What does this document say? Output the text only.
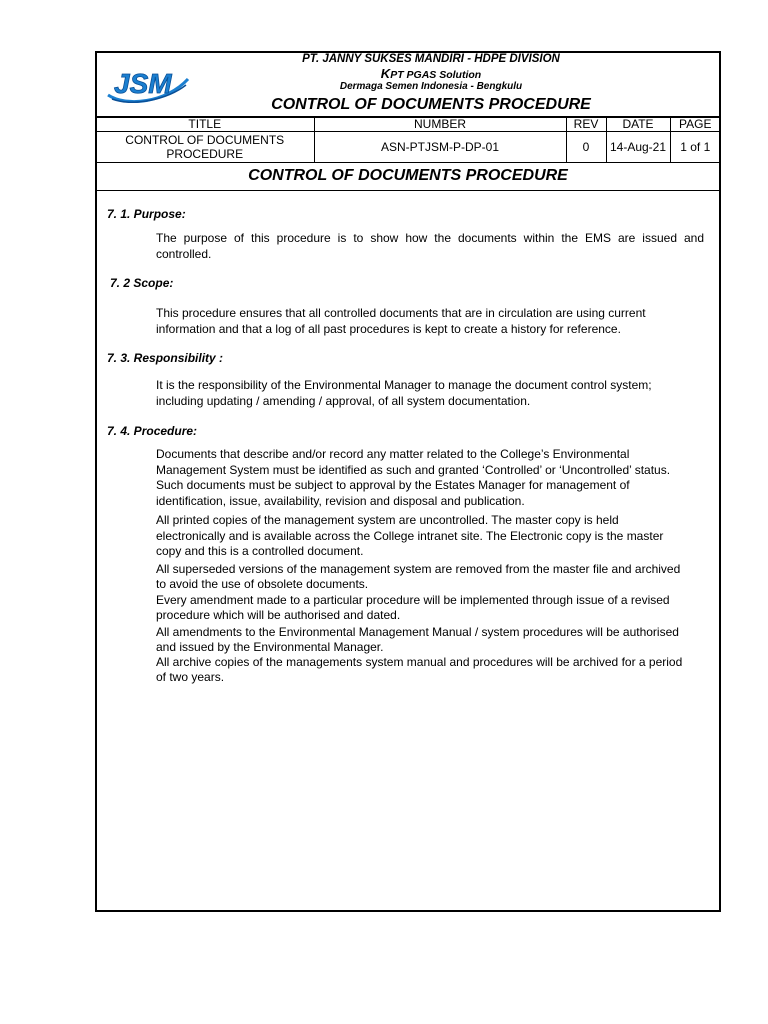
JSM
PT. JANNY SUKSES MANDIRI - HDPE DIVISION
KPT PGAS Solution
Dermaga Semen Indonesia - Bengkulu
CONTROL OF DOCUMENTS PROCEDURE
TITLE	NUMBER	REV	DATE	PAGE

CONTROL OF DOCUMENTS
PROCEDURE	ASN-PTJSM-P-DP-01	0	14-Aug-21	1 of 1
CONTROL OF DOCUMENTS PROCEDURE
7. 1. Purpose:
The purpose of this procedure is to show how the documents within the EMS are issued and
controlled.
7. 2 Scope:
This procedure ensures that all controlled documents that are in circulation are using current
information and that a log of all past procedures is kept to create a history for reference.
7. 3. Responsibility :
It is the responsibility of the Environmental Manager to manage the document control system;
including updating / amending / approval, of all system documentation.
7. 4. Procedure:
Documents that describe and/or record any matter related to the College’s Environmental
Management System must be identified as such and granted ‘Controlled’ or ‘Uncontrolled’ status.
Such documents must be subject to approval by the Estates Manager for management of
identification, issue, availability, revision and disposal and publication.
All printed copies of the management system are uncontrolled. The master copy is held
electronically and is available across the College intranet site. The Electronic copy is the master
copy and this is a controlled document.
All superseded versions of the management system are removed from the master file and archived
to avoid the use of obsolete documents.
Every amendment made to a particular procedure will be implemented through issue of a revised
procedure which will be authorised and dated.
All amendments to the Environmental Management Manual / system procedures will be authorised
and issued by the Environmental Manager.
All archive copies of the managements system manual and procedures will be archived for a period
of two years.
